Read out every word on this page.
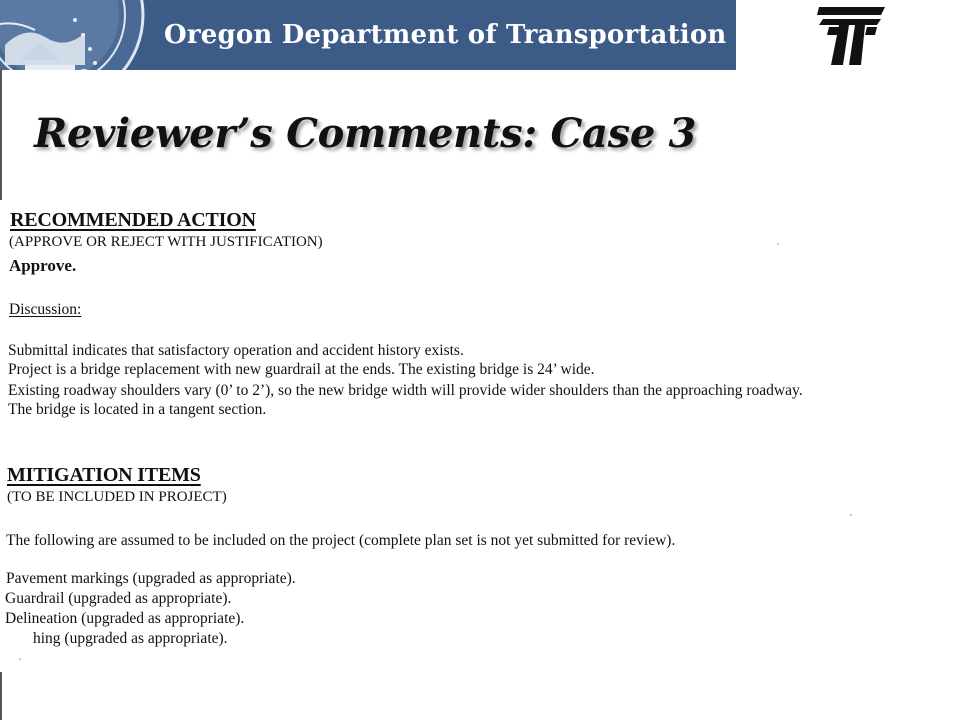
Oregon Department of Transportation
Reviewer’s Comments: Case 3
RECOMMENDED ACTION
(APPROVE OR REJECT WITH JUSTIFICATION)
Approve.
Discussion:
Submittal indicates that satisfactory operation and accident history exists.
Project is a bridge replacement with new guardrail at the ends. The existing bridge is 24’ wide.
Existing roadway shoulders vary (0’ to 2’), so the new bridge width will provide wider shoulders than the approaching roadway.
The bridge is located in a tangent section.
MITIGATION ITEMS
(TO BE INCLUDED IN PROJECT)
The following are assumed to be included on the project (complete plan set is not yet submitted for review).
Pavement markings (upgraded as appropriate).
Guardrail (upgraded as appropriate).
Delineation (upgraded as appropriate).
hing (upgraded as appropriate).
